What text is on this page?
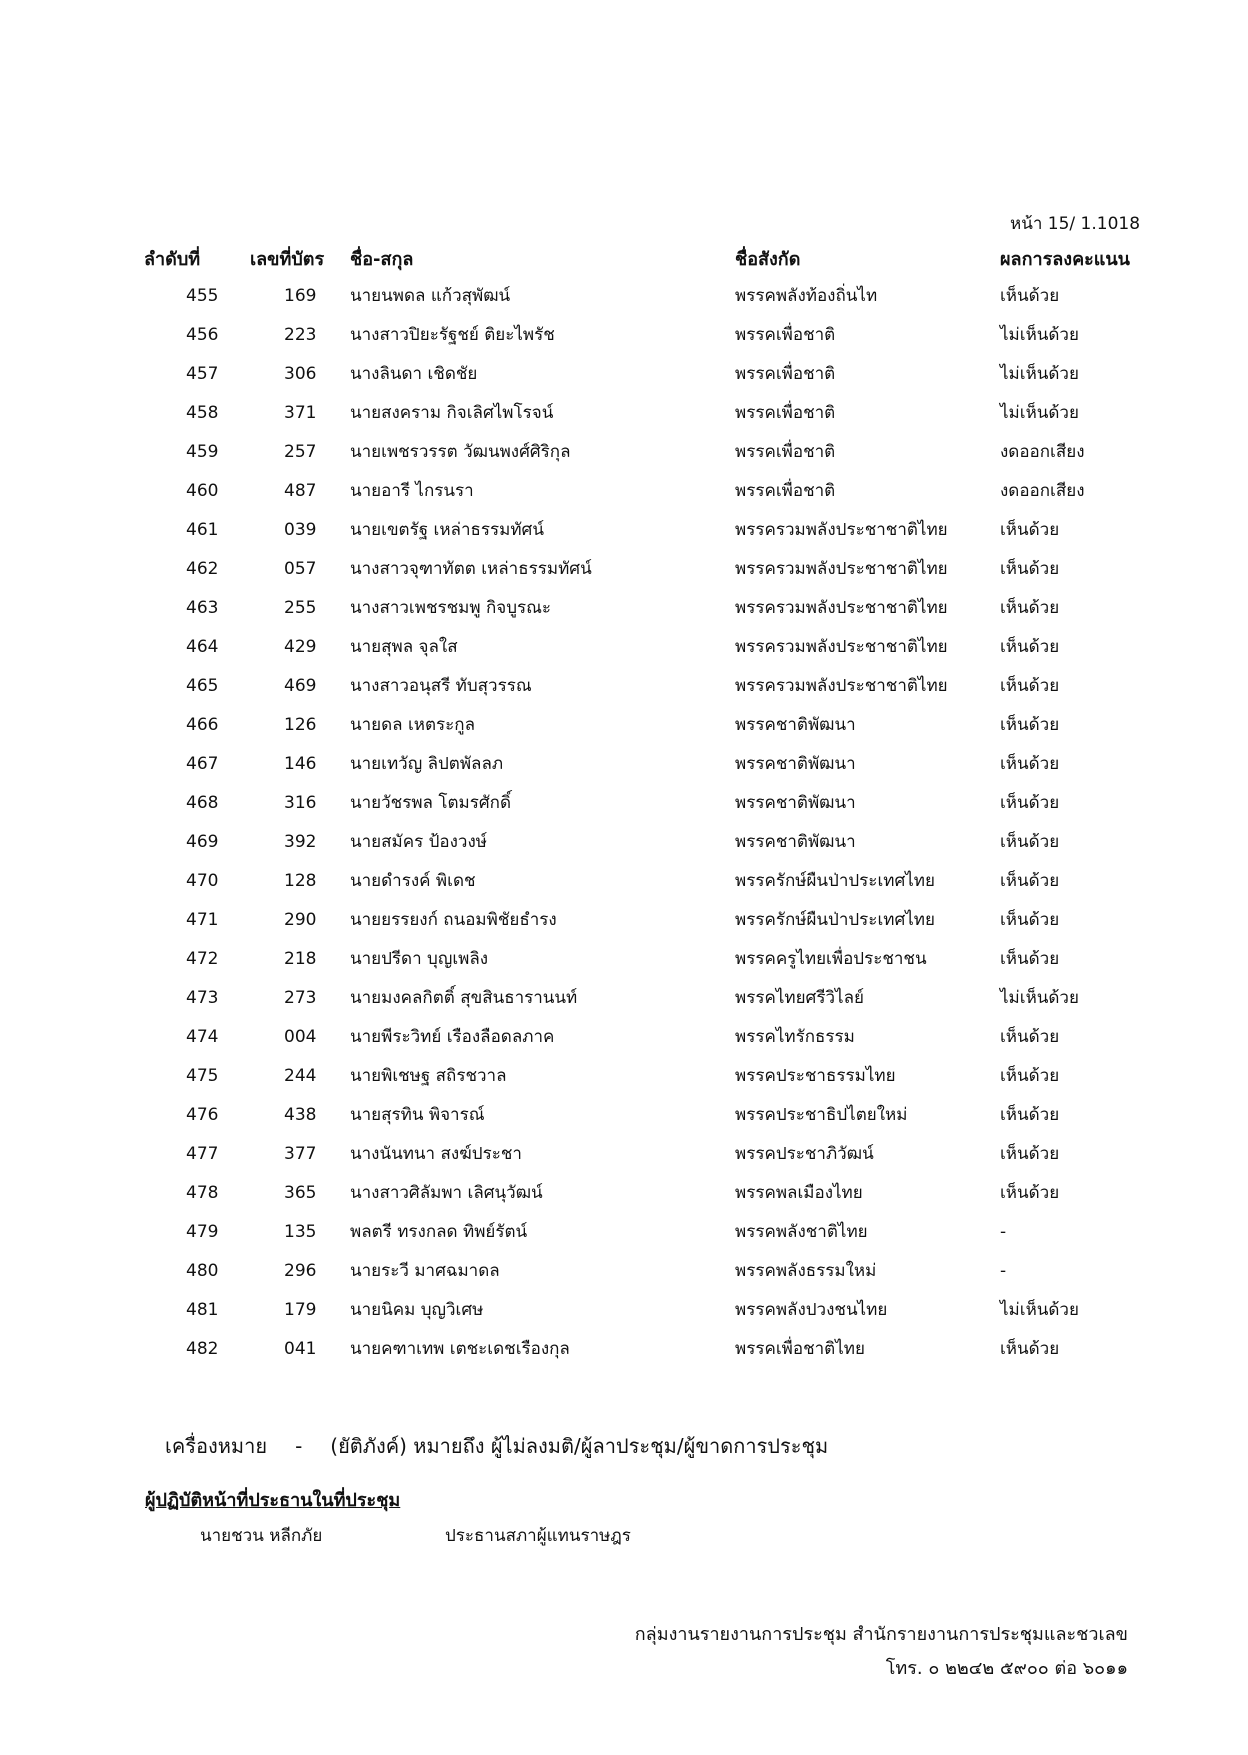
หน้า 15/ 1.1018
ลำดับที่	เลขที่บัตร	ชื่อ-สกุล	ชื่อสังกัด	ผลการลงคะแนน
455	169	นายนพดล แก้วสุพัฒน์	พรรคพลังท้องถิ่นไท	เห็นด้วย
456	223	นางสาวปิยะรัฐชย์ ติยะไพรัช	พรรคเพื่อชาติ	ไม่เห็นด้วย
457	306	นางลินดา เชิดชัย	พรรคเพื่อชาติ	ไม่เห็นด้วย
458	371	นายสงคราม กิจเลิศไพโรจน์	พรรคเพื่อชาติ	ไม่เห็นด้วย
459	257	นายเพชรวรรต วัฒนพงศ์ศิริกุล	พรรคเพื่อชาติ	งดออกเสียง
460	487	นายอารี ไกรนรา	พรรคเพื่อชาติ	งดออกเสียง
461	039	นายเขตรัฐ เหล่าธรรมทัศน์	พรรครวมพลังประชาชาติไทย	เห็นด้วย
462	057	นางสาวจุฑาทัตต เหล่าธรรมทัศน์	พรรครวมพลังประชาชาติไทย	เห็นด้วย
463	255	นางสาวเพชรชมพู กิจบูรณะ	พรรครวมพลังประชาชาติไทย	เห็นด้วย
464	429	นายสุพล จุลใส	พรรครวมพลังประชาชาติไทย	เห็นด้วย
465	469	นางสาวอนุสรี ทับสุวรรณ	พรรครวมพลังประชาชาติไทย	เห็นด้วย
466	126	นายดล เหตระกูล	พรรคชาติพัฒนา	เห็นด้วย
467	146	นายเทวัญ ลิปตพัลลภ	พรรคชาติพัฒนา	เห็นด้วย
468	316	นายวัชรพล โตมรศักดิ์	พรรคชาติพัฒนา	เห็นด้วย
469	392	นายสมัคร ป้องวงษ์	พรรคชาติพัฒนา	เห็นด้วย
470	128	นายดำรงค์ พิเดช	พรรครักษ์ผืนป่าประเทศไทย	เห็นด้วย
471	290	นายยรรยงก์ ถนอมพิชัยธำรง	พรรครักษ์ผืนป่าประเทศไทย	เห็นด้วย
472	218	นายปรีดา บุญเพลิง	พรรคครูไทยเพื่อประชาชน	เห็นด้วย
473	273	นายมงคลกิตติ์ สุขสินธารานนท์	พรรคไทยศรีวิไลย์	ไม่เห็นด้วย
474	004	นายพีระวิทย์ เรืองลือดลภาค	พรรคไทรักธรรม	เห็นด้วย
475	244	นายพิเชษฐ สถิรชวาล	พรรคประชาธรรมไทย	เห็นด้วย
476	438	นายสุรทิน พิจารณ์	พรรคประชาธิปไตยใหม่	เห็นด้วย
477	377	นางนันทนา สงฆ์ประชา	พรรคประชาภิวัฒน์	เห็นด้วย
478	365	นางสาวศิลัมพา เลิศนุวัฒน์	พรรคพลเมืองไทย	เห็นด้วย
479	135	พลตรี ทรงกลด ทิพย์รัตน์	พรรคพลังชาติไทย	-
480	296	นายระวี มาศฉมาดล	พรรคพลังธรรมใหม่	-
481	179	นายนิคม บุญวิเศษ	พรรคพลังปวงชนไทย	ไม่เห็นด้วย
482	041	นายคฑาเทพ เตชะเดชเรืองกุล	พรรคเพื่อชาติไทย	เห็นด้วย
เครื่องหมาย - (ยัติภังค์) หมายถึง ผู้ไม่ลงมติ/ผู้ลาประชุม/ผู้ขาดการประชุม
ผู้ปฏิบัติหน้าที่ประธานในที่ประชุม
นายชวน หลีกภัย	ประธานสภาผู้แทนราษฎร
กลุ่มงานรายงานการประชุม สำนักรายงานการประชุมและชวเลข
โทร. ๐ ๒๒๔๒ ๕๙๐๐ ต่อ ๖๐๑๑
